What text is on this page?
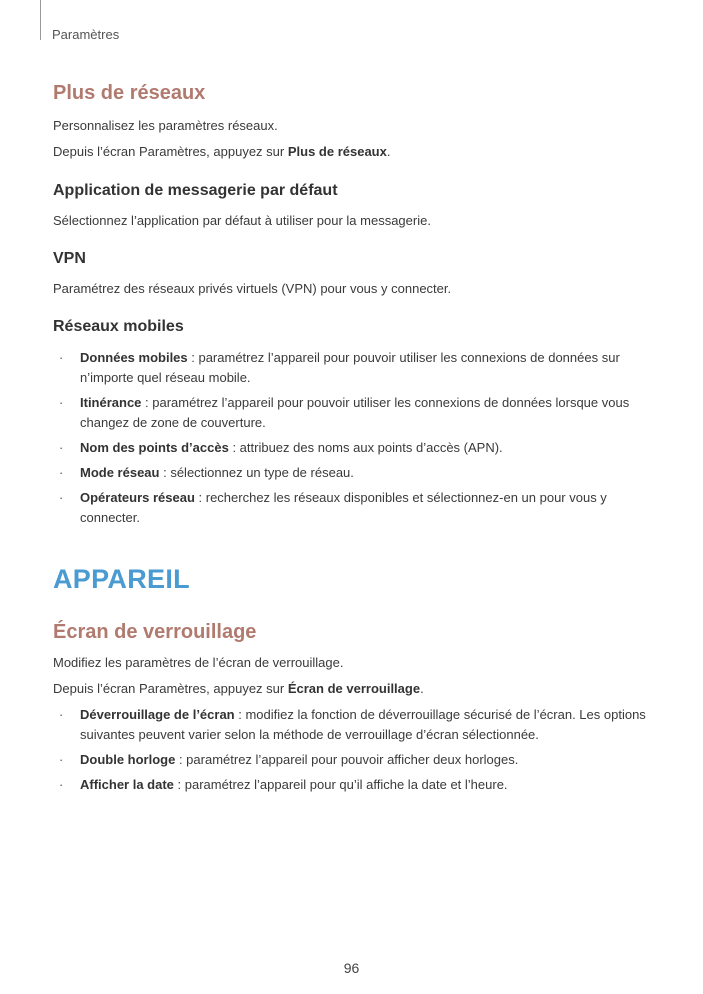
Paramètres
Plus de réseaux

Personnalisez les paramètres réseaux.

Depuis l’écran Paramètres, appuyez sur Plus de réseaux.

Application de messagerie par défaut

Sélectionnez l’application par défaut à utiliser pour la messagerie.

VPN

Paramétrez des réseaux privés virtuels (VPN) pour vous y connecter.

Réseaux mobiles
· Données mobiles : paramétrez l’appareil pour pouvoir utiliser les connexions de données sur n’importe quel réseau mobile.
· Itinérance : paramétrez l’appareil pour pouvoir utiliser les connexions de données lorsque vous changez de zone de couverture.
· Nom des points d’accès : attribuez des noms aux points d’accès (APN).
· Mode réseau : sélectionnez un type de réseau.
· Opérateurs réseau : recherchez les réseaux disponibles et sélectionnez-en un pour vous y connecter.
APPAREIL
Écran de verrouillage

Modifiez les paramètres de l’écran de verrouillage.

Depuis l’écran Paramètres, appuyez sur Écran de verrouillage.

· Déverrouillage de l’écran : modifiez la fonction de déverrouillage sécurisé de l’écran. Les options suivantes peuvent varier selon la méthode de verrouillage d’écran sélectionnée.
· Double horloge : paramétrez l’appareil pour pouvoir afficher deux horloges.
· Afficher la date : paramétrez l’appareil pour qu’il affiche la date et l’heure.
96
